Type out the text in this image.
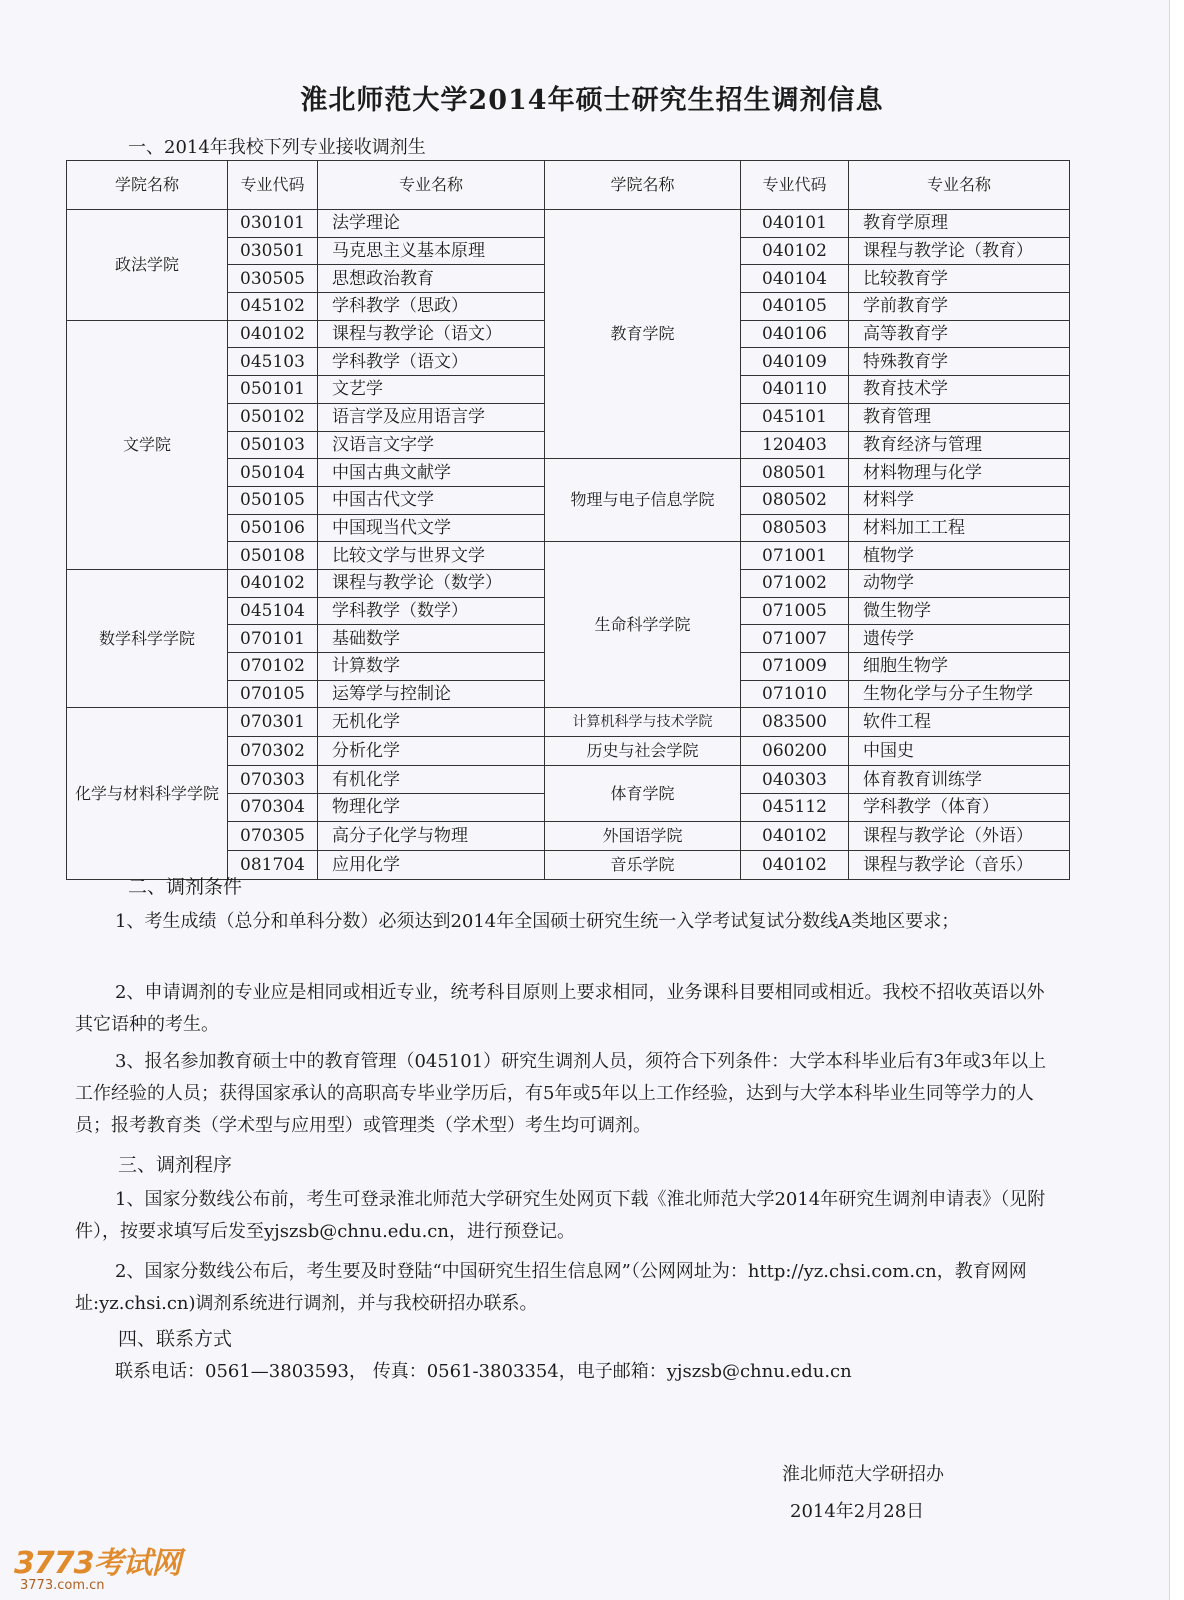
淮北师范大学2014年硕士研究生招生调剂信息
一、2014年我校下列专业接收调剂生
学院名称	专业代码	专业名称	学院名称	专业代码	专业名称
政法学院	030101	法学理论	教育学院	040101	教育学原理
	030501	马克思主义基本原理		040102	课程与教学论（教育）
	030505	思想政治教育		040104	比较教育学
	045102	学科教学（思政）		040105	学前教育学
文学院	040102	课程与教学论（语文）		040106	高等教育学
	045103	学科教学（语文）		040109	特殊教育学
	050101	文艺学		040110	教育技术学
	050102	语言学及应用语言学		045101	教育管理
	050103	汉语言文字学		120403	教育经济与管理
	050104	中国古典文献学	物理与电子信息学院	080501	材料物理与化学
	050105	中国古代文学		080502	材料学
	050106	中国现当代文学		080503	材料加工工程
	050108	比较文学与世界文学	生命科学学院	071001	植物学
数学科学学院	040102	课程与教学论（数学）		071002	动物学
	045104	学科教学（数学）		071005	微生物学
	070101	基础数学		071007	遗传学
	070102	计算数学		071009	细胞生物学
	070105	运筹学与控制论		071010	生物化学与分子生物学
化学与材料科学学院	070301	无机化学	计算机科学与技术学院	083500	软件工程
	070302	分析化学	历史与社会学院	060200	中国史
	070303	有机化学	体育学院	040303	体育教育训练学
	070304	物理化学		045112	学科教学（体育）
	070305	高分子化学与物理	外国语学院	040102	课程与教学论（外语）
	081704	应用化学	音乐学院	040102	课程与教学论（音乐）
二、调剂条件
1、考生成绩（总分和单科分数）必须达到2014年全国硕士研究生统一入学考试复试分数线A类地区要求；
2、申请调剂的专业应是相同或相近专业，统考科目原则上要求相同，业务课科目要相同或相近。我校不招收英语以外其它语种的考生。
3、报名参加教育硕士中的教育管理（045101）研究生调剂人员，须符合下列条件：大学本科毕业后有3年或3年以上工作经验的人员；获得国家承认的高职高专毕业学历后，有5年或5年以上工作经验，达到与大学本科毕业生同等学力的人员；报考教育类（学术型与应用型）或管理类（学术型）考生均可调剂。
三、调剂程序
1、国家分数线公布前，考生可登录淮北师范大学研究生处网页下载《淮北师范大学2014年研究生调剂申请表》（见附件），按要求填写后发至yjszsb@chnu.edu.cn，进行预登记。
2、国家分数线公布后，考生要及时登陆“中国研究生招生信息网”（公网网址为：http://yz.chsi.com.cn，教育网网址:yz.chsi.cn)调剂系统进行调剂，并与我校研招办联系。
四、联系方式
联系电话：0561—3803593， 传真：0561-3803354，电子邮箱：yjszsb@chnu.edu.cn
淮北师范大学研招办
2014年2月28日
3773考试网
3773.com.cn
